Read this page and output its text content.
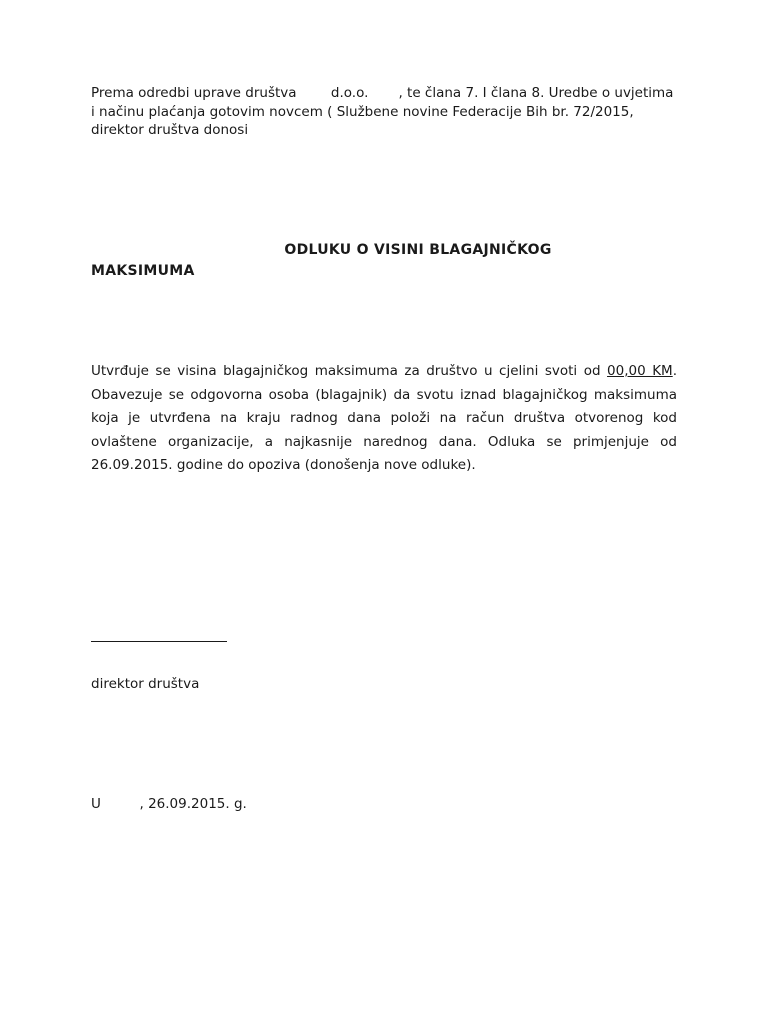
Prema odredbi uprave društva	d.o.o. , te člana 7. I člana 8. Uredbe o uvjetima i načinu plaćanja gotovim novcem ( Službene novine Federacije Bih br. 72/2015, direktor društva donosi
ODLUKU O VISINI BLAGAJNIČKOG
MAKSIMUMA
Utvrđuje se visina blagajničkog maksimuma za društvo u cjelini svoti od 00,00 KM. Obavezuje se odgovorna osoba (blagajnik) da svotu iznad blagajničkog maksimuma koja je utvrđena na kraju radnog dana položi na račun društva otvorenog kod ovlaštene organizacije, a najkasnije narednog dana. Odluka se primjenjuje od 26.09.2015. godine do opoziva (donošenja nove odluke).
direktor društva
U         , 26.09.2015. g.
